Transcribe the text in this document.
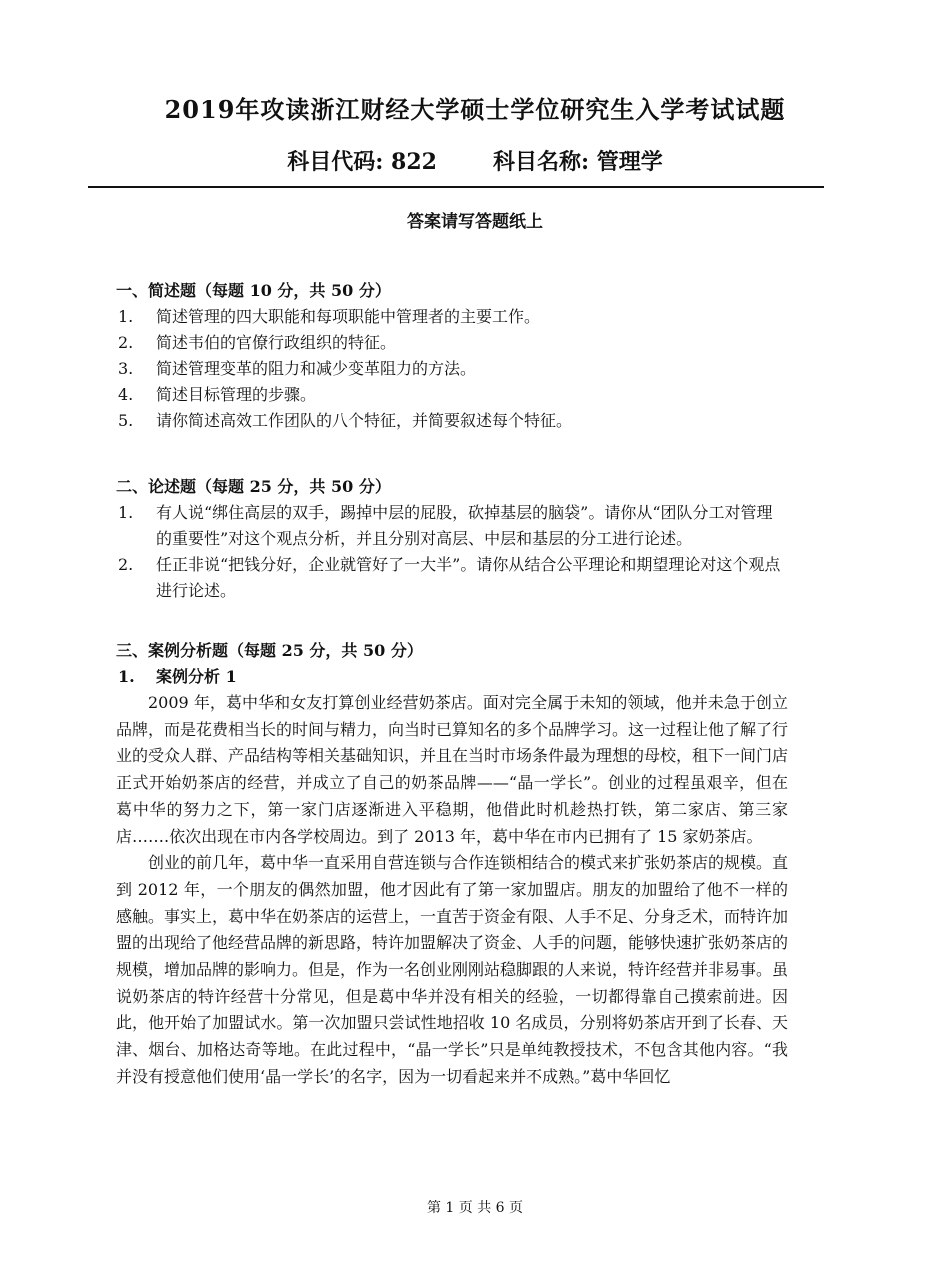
2019年攻读浙江财经大学硕士学位研究生入学考试试题
科目代码: 822	科目名称: 管理学
答案请写答题纸上
一、简述题（每题 10 分，共 50 分）
1. 简述管理的四大职能和每项职能中管理者的主要工作。
2. 简述韦伯的官僚行政组织的特征。
3. 简述管理变革的阻力和减少变革阻力的方法。
4. 简述目标管理的步骤。
5. 请你简述高效工作团队的八个特征，并简要叙述每个特征。
二、论述题（每题 25 分，共 50 分）
1. 有人说“绑住高层的双手，踢掉中层的屁股，砍掉基层的脑袋”。请你从“团队分工对管理的重要性”对这个观点分析，并且分别对高层、中层和基层的分工进行论述。
2. 任正非说“把钱分好，企业就管好了一大半”。请你从结合公平理论和期望理论对这个观点进行论述。
三、案例分析题（每题 25 分，共 50 分）
1. 案例分析 1
2009 年，葛中华和女友打算创业经营奶茶店。面对完全属于未知的领域，他并未急于创立品牌，而是花费相当长的时间与精力，向当时已算知名的多个品牌学习。这一过程让他了解了行业的受众人群、产品结构等相关基础知识，并且在当时市场条件最为理想的母校，租下一间门店正式开始奶茶店的经营，并成立了自己的奶茶品牌——“晶一学长”。创业的过程虽艰辛，但在葛中华的努力之下，第一家门店逐渐进入平稳期，他借此时机趁热打铁，第二家店、第三家店…….依次出现在市内各学校周边。到了 2013 年，葛中华在市内已拥有了 15 家奶茶店。
创业的前几年，葛中华一直采用自营连锁与合作连锁相结合的模式来扩张奶茶店的规模。直到 2012 年，一个朋友的偶然加盟，他才因此有了第一家加盟店。朋友的加盟给了他不一样的感触。事实上，葛中华在奶茶店的运营上，一直苦于资金有限、人手不足、分身乏术，而特许加盟的出现给了他经营品牌的新思路，特许加盟解决了资金、人手的问题，能够快速扩张奶茶店的规模，增加品牌的影响力。但是，作为一名创业刚刚站稳脚跟的人来说，特许经营并非易事。虽说奶茶店的特许经营十分常见，但是葛中华并没有相关的经验，一切都得靠自己摸索前进。因此，他开始了加盟试水。第一次加盟只尝试性地招收 10 名成员，分别将奶茶店开到了长春、天津、烟台、加格达奇等地。在此过程中，“晶一学长”只是单纯教授技术，不包含其他内容。“我并没有授意他们使用‘晶一学长’的名字，因为一切看起来并不成熟。”葛中华回忆
第 1 页 共 6 页
